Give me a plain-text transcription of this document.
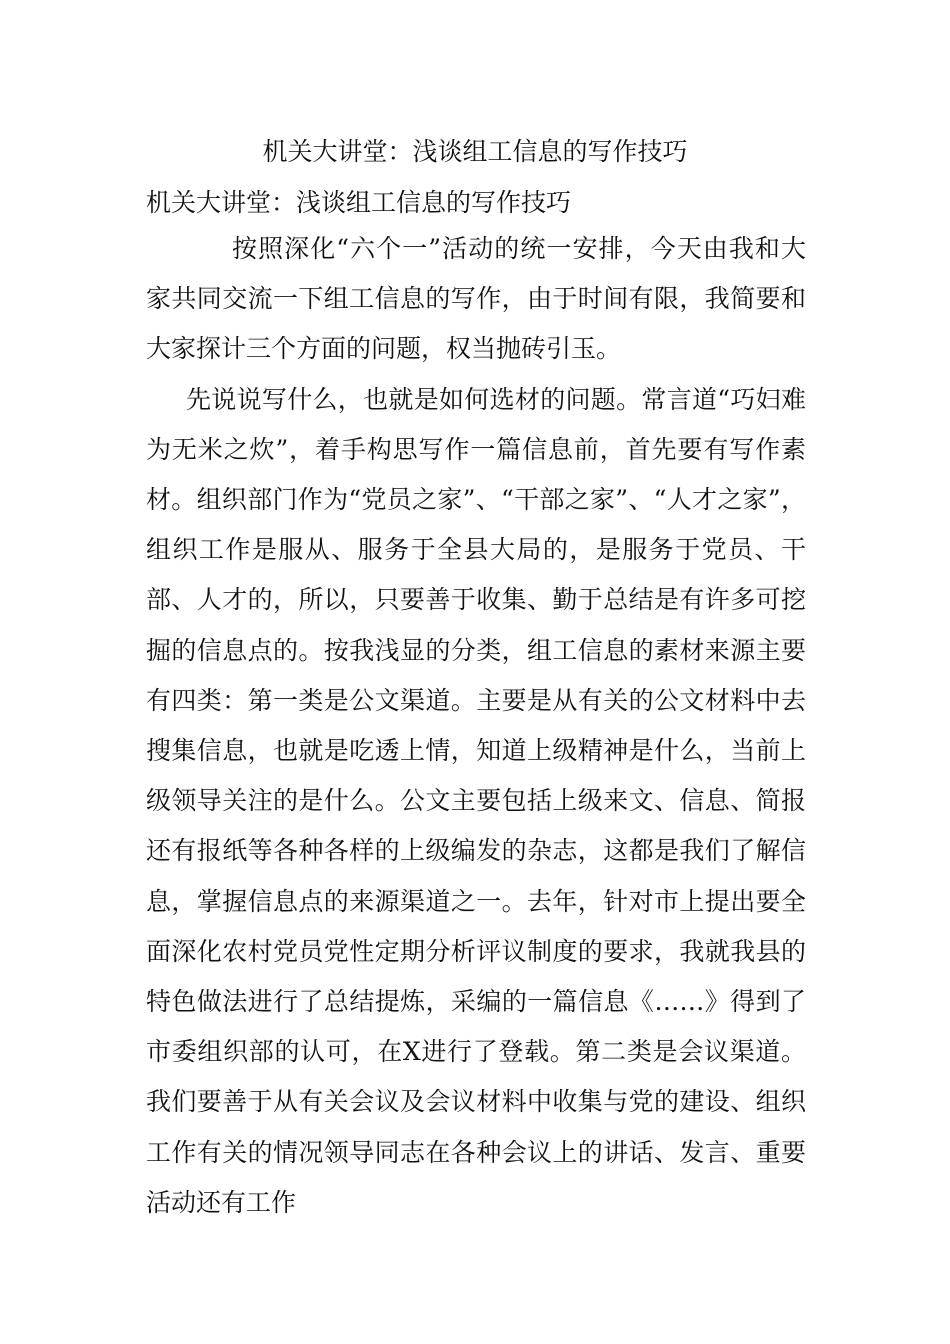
机关大讲堂：浅谈组工信息的写作技巧
机关大讲堂：浅谈组工信息的写作技巧

按照深化“六个一”活动的统一安排，今天由我和大家共同交流一下组工信息的写作，由于时间有限，我简要和大家探计三个方面的问题，权当抛砖引玉。

先说说写什么，也就是如何选材的问题。常言道“巧妇难为无米之炊”，着手构思写作一篇信息前，首先要有写作素材。组织部门作为“党员之家”、“干部之家”、“人才之家”，组织工作是服从、服务于全县大局的，是服务于党员、干部、人才的，所以，只要善于收集、勤于总结是有许多可挖掘的信息点的。按我浅显的分类，组工信息的素材来源主要有四类：第一类是公文渠道。主要是从有关的公文材料中去搜集信息，也就是吃透上情，知道上级精神是什么，当前上级领导关注的是什么。公文主要包括上级来文、信息、简报还有报纸等各种各样的上级编发的杂志，这都是我们了解信息，掌握信息点的来源渠道之一。去年，针对市上提出要全面深化农村党员党性定期分析评议制度的要求，我就我县的特色做法进行了总结提炼，采编的一篇信息《……》得到了市委组织部的认可，在X进行了登载。第二类是会议渠道。我们要善于从有关会议及会议材料中收集与党的建设、组织工作有关的情况领导同志在各种会议上的讲话、发言、重要活动还有工作
